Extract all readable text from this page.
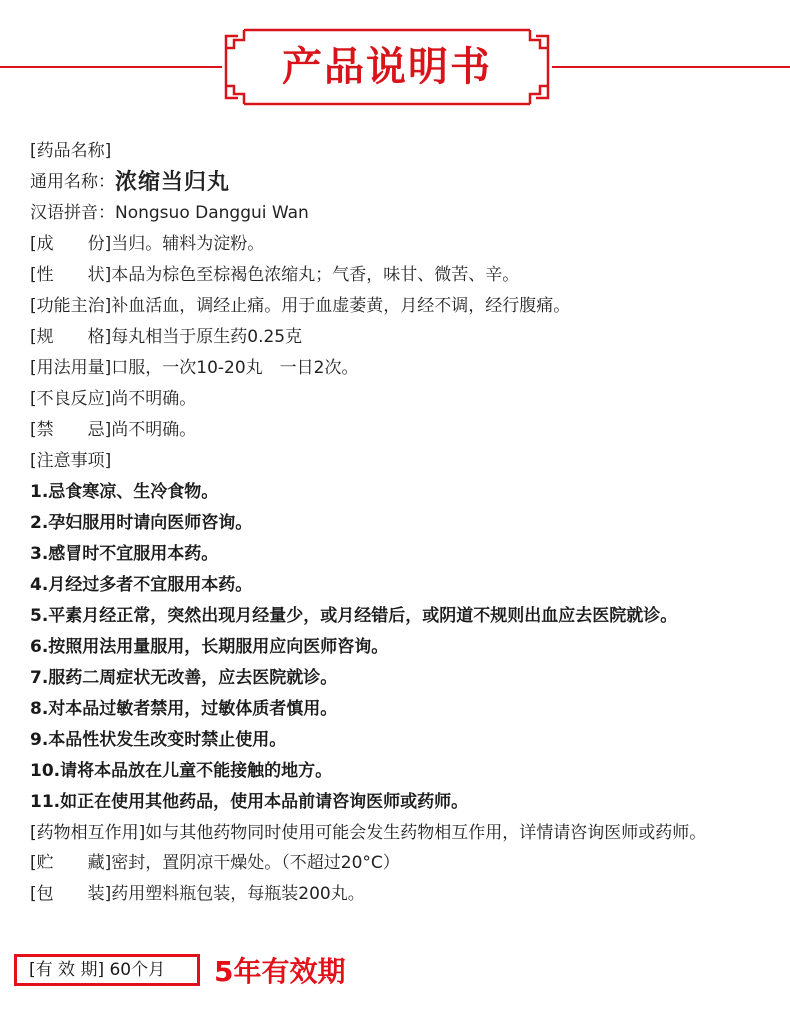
产品说明书
[药品名称]
通用名称： 浓缩当归丸
汉语拼音： Nongsuo Danggui Wan
[成　　份] 当归。辅料为淀粉。
[性　　状] 本品为棕色至棕褐色浓缩丸；气香，味甘、微苦、辛。
[功能主治] 补血活血，调经止痛。用于血虚萎黄，月经不调，经行腹痛。
[规　　格] 每丸相当于原生药0.25克
[用法用量] 口服，一次10-20丸　一日2次。
[不良反应] 尚不明确。
[禁　　忌] 尚不明确。
[注意事项]
1.忌食寒凉、生冷食物。
2.孕妇服用时请向医师咨询。
3.感冒时不宜服用本药。
4.月经过多者不宜服用本药。
5.平素月经正常，突然出现月经量少，或月经错后，或阴道不规则出血应去医院就诊。
6.按照用法用量服用，长期服用应向医师咨询。
7.服药二周症状无改善，应去医院就诊。
8.对本品过敏者禁用，过敏体质者慎用。
9.本品性状发生改变时禁止使用。
10.请将本品放在儿童不能接触的地方。
11.如正在使用其他药品，使用本品前请咨询医师或药师。
[药物相互作用] 如与其他药物同时使用可能会发生药物相互作用，详情请咨询医师或药师。
[贮　　藏] 密封，置阴凉干燥处。（不超过20°C）
[包　　装] 药用塑料瓶包装，每瓶装200丸。
[有 效 期] 60个月	5年有效期
